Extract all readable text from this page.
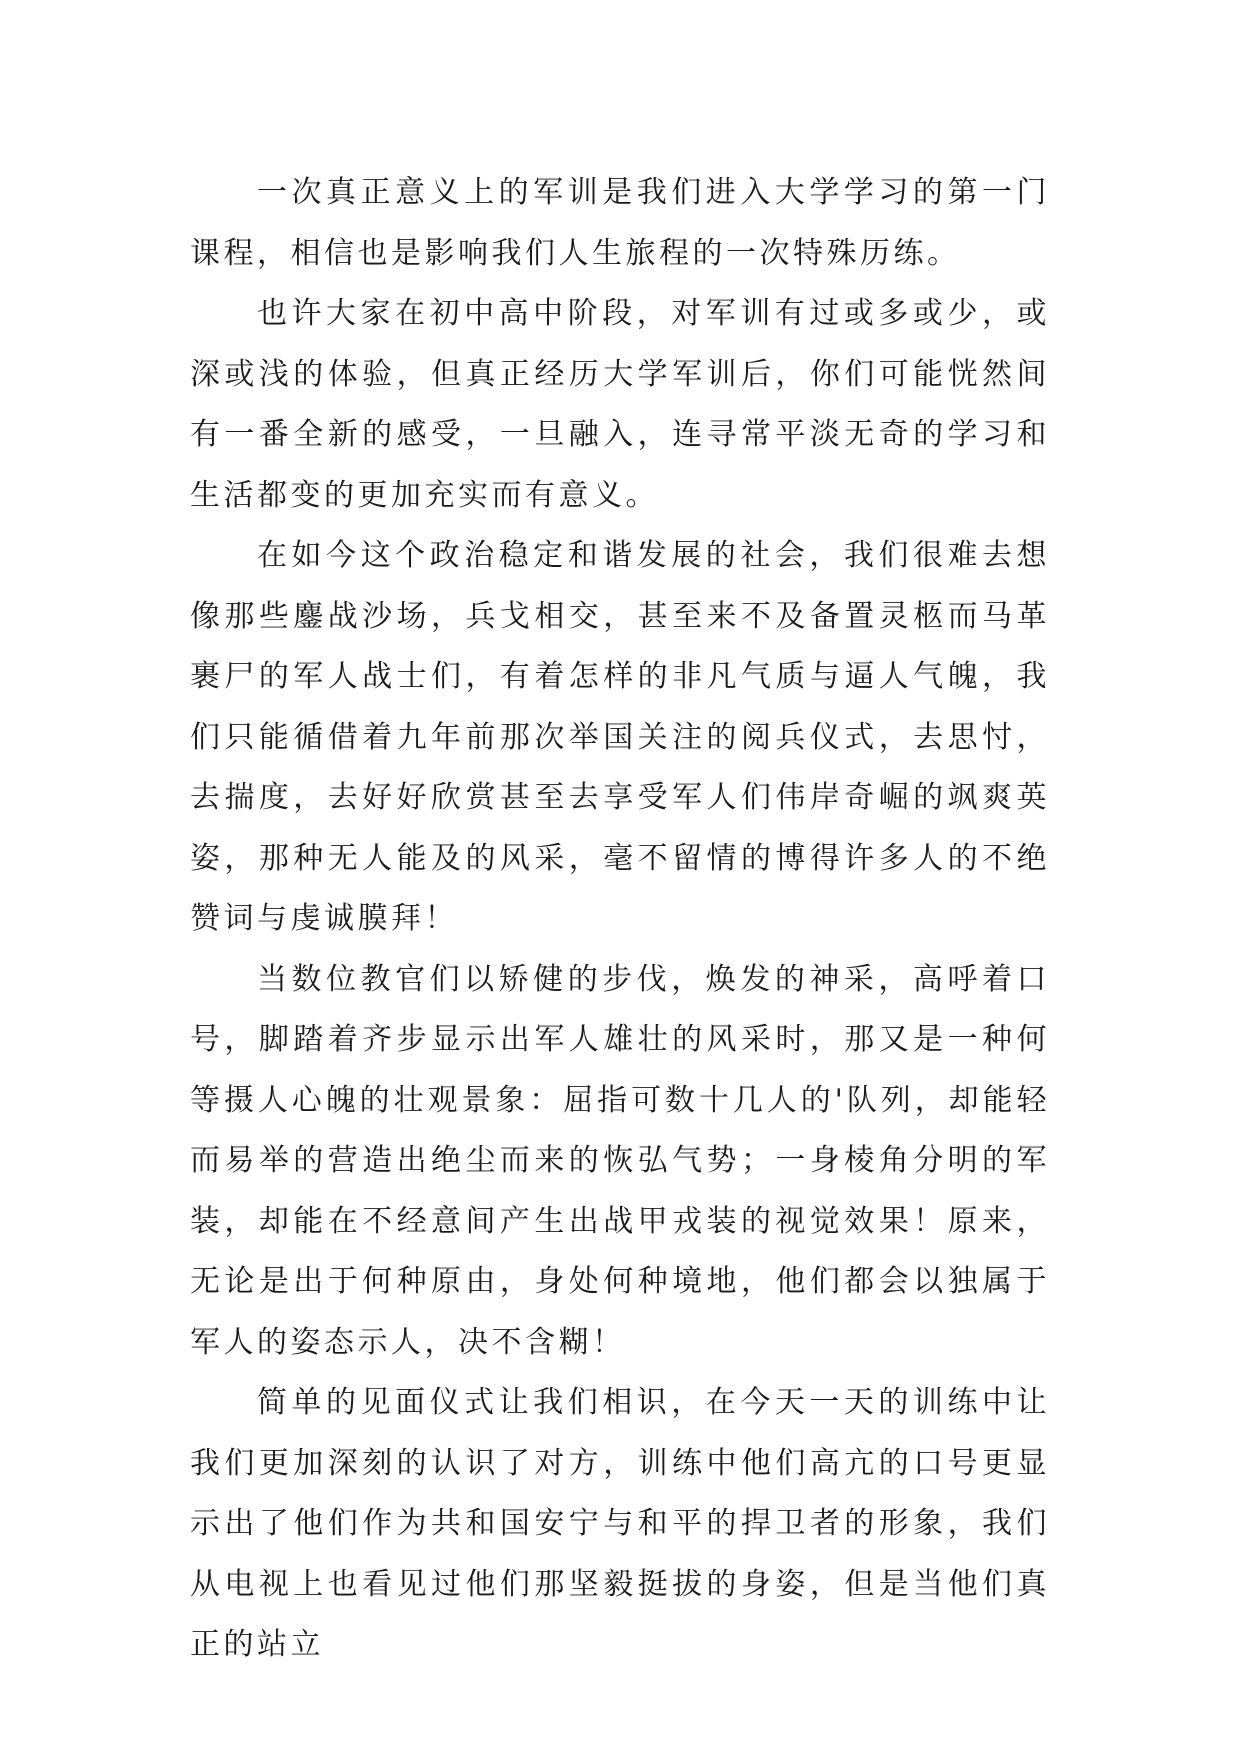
一次真正意义上的军训是我们进入大学学习的第一门课程，相信也是影响我们人生旅程的一次特殊历练。

也许大家在初中高中阶段，对军训有过或多或少，或深或浅的体验，但真正经历大学军训后，你们可能恍然间有一番全新的感受，一旦融入，连寻常平淡无奇的学习和生活都变的更加充实而有意义。

在如今这个政治稳定和谐发展的社会，我们很难去想像那些鏖战沙场，兵戈相交，甚至来不及备置灵柩而马革裹尸的军人战士们，有着怎样的非凡气质与逼人气魄，我们只能循借着九年前那次举国关注的阅兵仪式，去思忖，去揣度，去好好欣赏甚至去享受军人们伟岸奇崛的飒爽英姿，那种无人能及的风采，毫不留情的博得许多人的不绝赞词与虔诚膜拜！

当数位教官们以矫健的步伐，焕发的神采，高呼着口号，脚踏着齐步显示出军人雄壮的风采时，那又是一种何等摄人心魄的壮观景象：屈指可数十几人的'队列，却能轻而易举的营造出绝尘而来的恢弘气势；一身棱角分明的军装，却能在不经意间产生出战甲戎装的视觉效果！原来，无论是出于何种原由，身处何种境地，他们都会以独属于军人的姿态示人，决不含糊！

简单的见面仪式让我们相识，在今天一天的训练中让我们更加深刻的认识了对方，训练中他们高亢的口号更显示出了他们作为共和国安宁与和平的捍卫者的形象，我们从电视上也看见过他们那坚毅挺拔的身姿，但是当他们真正的站立
